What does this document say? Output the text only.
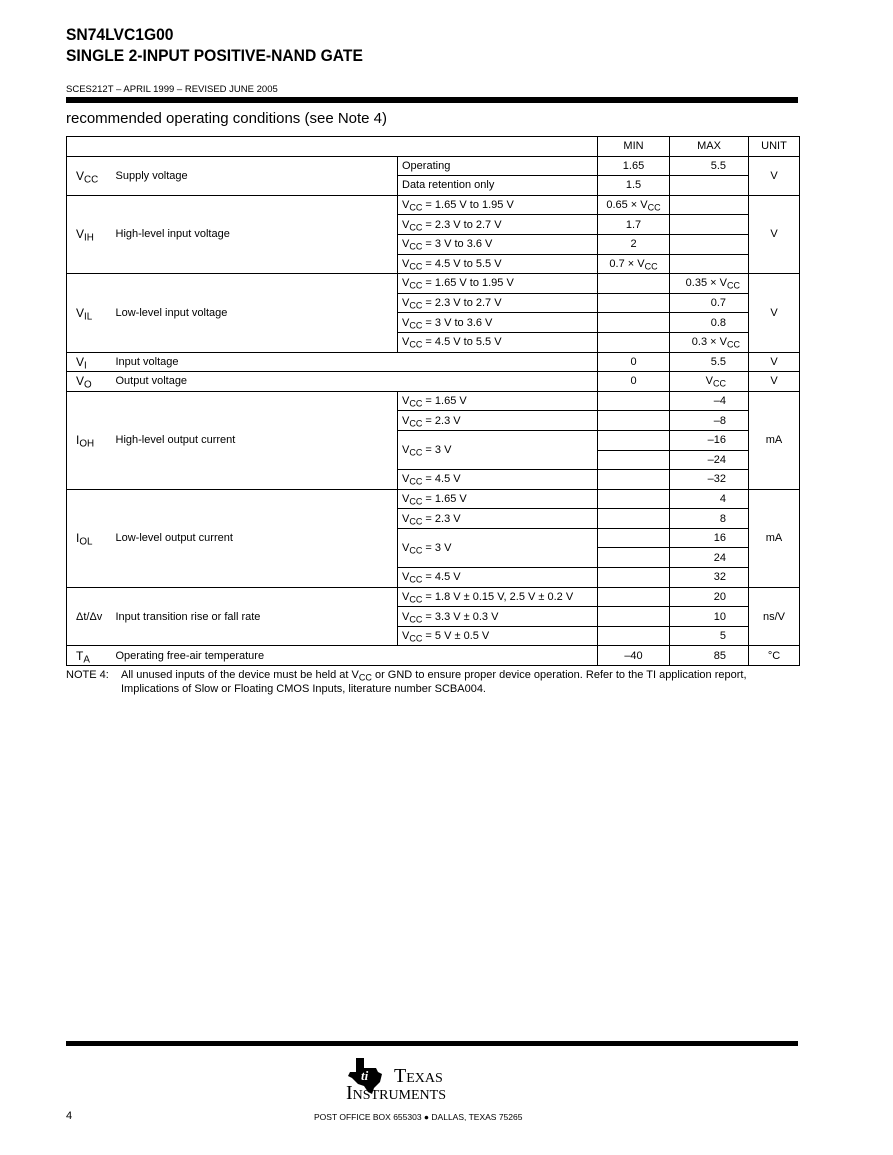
SN74LVC1G00
SINGLE 2-INPUT POSITIVE-NAND GATE
SCES212T – APRIL 1999 – REVISED JUNE 2005
recommended operating conditions (see Note 4)
			MIN	MAX	UNIT
$V_{CC}$	Supply voltage	Operating	1.65	5.5	V
		Data retention only	1.5		
$V_{IH}$	High-level input voltage	$V_{CC} = 1.65$ V to 1.95 V	$0.65 \times V_{CC}$		V
		$V_{CC} = 2.3$ V to 2.7 V	1.7		
		$V_{CC} = 3$ V to 3.6 V	2		
		$V_{CC} = 4.5$ V to 5.5 V	$0.7 \times V_{CC}$	
$V_{IL}$	Low-level input voltage	$V_{CC} = 1.65$ V to 1.95 V		$0.35 \times V_{CC}$	V
		$V_{CC} = 2.3$ V to 2.7 V		0.7	
		$V_{CC} = 3$ V to 3.6 V		0.8	
		$V_{CC} = 4.5$ V to 5.5 V		$0.3 \times V_{CC}$
$V_I$	Input voltage		0	5.5	V
$V_O$	Output voltage		0	$V_{CC}$	V
$I_{OH}$	High-level output current	$V_{CC} = 1.65$ V		–4	mA
		$V_{CC} = 2.3$ V		–8	
		$V_{CC} = 3$ V		–16	
				–24	
		$V_{CC} = 4.5$ V		–32	
$I_{OL}$	Low-level output current	$V_{CC} = 1.65$ V		4	mA
		$V_{CC} = 2.3$ V		8	
		$V_{CC} = 3$ V		16	
				24	
		$V_{CC} = 4.5$ V		32	
Δt/Δv	Input transition rise or fall rate	$V_{CC} = 1.8$ V ± 0.15 V, 2.5 V ± 0.2 V		20	ns/V
		$V_{CC} = 3.3$ V ± 0.3 V		10	
		$V_{CC} = 5$ V ± 0.5 V		5	
$T_A$	Operating free-air temperature		–40	85	°C
NOTE 4: All unused inputs of the device must be held at $V_{CC}$ or GND to ensure proper device operation. Refer to the TI application report, Implications of Slow or Floating CMOS Inputs, literature number SCBA004.
ti Texas
Instruments
POST OFFICE BOX 655303 ● DALLAS, TEXAS 75265
4
